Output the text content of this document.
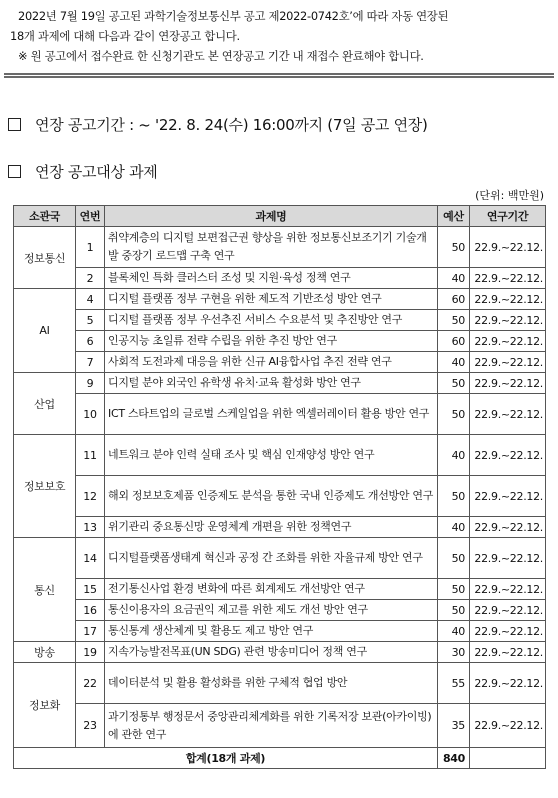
2022년 7월 19일 공고된 과학기술정보통신부 공고 제2022-0742호’에 따라 자동 연장된

18개 과제에 대해 다음과 같이 연장공고 합니다.

※ 원 공고에서 접수완료 한 신청기관도 본 연장공고 기간 내 재접수 완료해야 합니다.

연장 공고기간 : ~ '22. 8. 24(수) 16:00까지 (7일 공고 연장)
연장 공고대상 과제
(단위: 백만원)
소관국	연번	과제명	예산	연구기간
정보통신	1	취약계층의 디지털 보편접근권 향상을 위한 정보통신보조기기 기술개발 중장기 로드맵 구축 연구	50	22.9.~22.12.
	2	블록체인 특화 클러스터 조성 및 지원·육성 정책 연구	40	22.9.~22.12.
AI	4	디지털 플랫폼 정부 구현을 위한 제도적 기반조성 방안 연구	60	22.9.~22.12.
	5	디지털 플랫폼 정부 우선추진 서비스 수요분석 및 추진방안 연구	50	22.9.~22.12.
	6	인공지능 초일류 전략 수립을 위한 추진 방안 연구	60	22.9.~22.12.
	7	사회적 도전과제 대응을 위한 신규 AI융합사업 추진 전략 연구	40	22.9.~22.12.
산업	9	디지털 분야 외국인 유학생 유치·교육 활성화 방안 연구	50	22.9.~22.12.
	10	ICT 스타트업의 글로벌 스케일업을 위한 엑셀러레이터 활용 방안 연구	50	22.9.~22.12.
정보보호	11	네트워크 분야 인력 실태 조사 및 핵심 인재양성 방안 연구	40	22.9.~22.12.
	12	해외 정보보호제품 인증제도 분석을 통한 국내 인증제도 개선방안 연구	50	22.9.~22.12.
	13	위기관리 중요통신망 운영체계 개편을 위한 정책연구	40	22.9.~22.12.
통신	14	디지털플랫폼생태계 혁신과 공정 간 조화를 위한 자율규제 방안 연구	50	22.9.~22.12.
	15	전기통신사업 환경 변화에 따른 회계제도 개선방안 연구	50	22.9.~22.12.
	16	통신이용자의 요금권익 제고를 위한 제도 개선 방안 연구	50	22.9.~22.12.
	17	통신통계 생산체계 및 활용도 제고 방안 연구	40	22.9.~22.12.
방송	19	지속가능발전목표(UN SDG) 관련 방송미디어 정책 연구	30	22.9.~22.12.
정보화	22	데이터분석 및 활용 활성화를 위한 구체적 협업 방안	55	22.9.~22.12.
	23	과기정통부 행정문서 중앙관리체계화를 위한 기록저장 보관(아카이빙)에 관한 연구	35	22.9.~22.12.
합계(18개 과제)			840	
